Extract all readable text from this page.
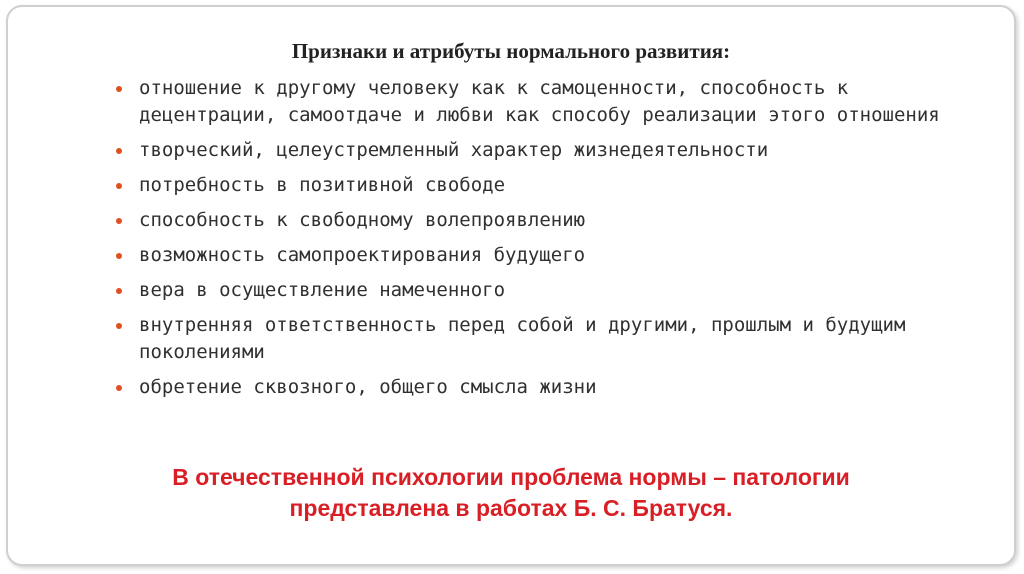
Признаки и атрибуты нормального развития:
отношение к другому человеку как к самоценности, способность к децентрации, самоотдаче и любви как способу реализации этого отношения
творческий, целеустремленный характер жизнедеятельности
потребность в позитивной свободе
способность к свободному волепроявлению
возможность самопроектирования будущего
вера в осуществление намеченного
внутренняя ответственность перед собой и другими, прошлым и будущим поколениями
обретение сквозного, общего смысла жизни
В отечественной психологии проблема нормы – патологии
представлена в работах Б. С. Братуся.
